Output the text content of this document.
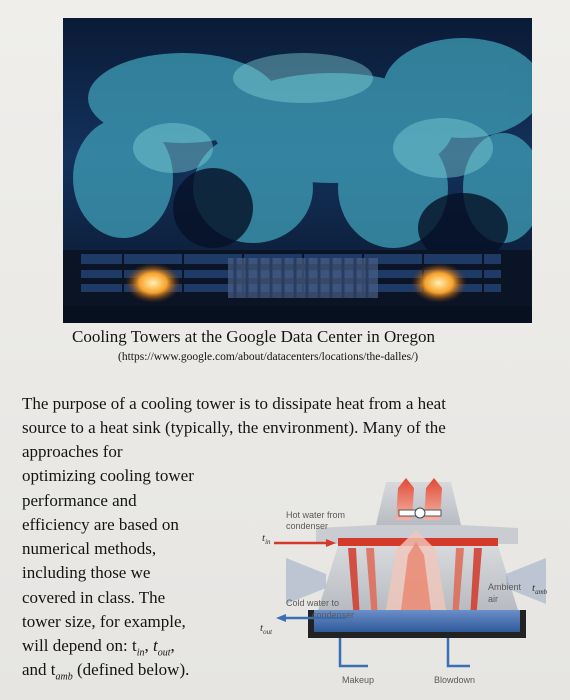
Cooling Towers at the Google Data Center in Oregon
(https://www.google.com/about/datacenters/locations/the-dalles/)
The purpose of a cooling tower is to dissipate heat from a heat
source to a heat sink (typically, the environment). Many of the
approaches for
optimizing cooling tower
performance and
efficiency are based on
numerical methods,
including those we
covered in class. The
tower size, for example,
will depend on: $t_{in}$, $t_{out}$,
and $t_{amb}$ (defined below).
Hot water from
condenser
$t_{in}$
Cold water to
condenser
$t_{out}$
Ambient
air
$t_{amb}$
Makeup	Blowdown
